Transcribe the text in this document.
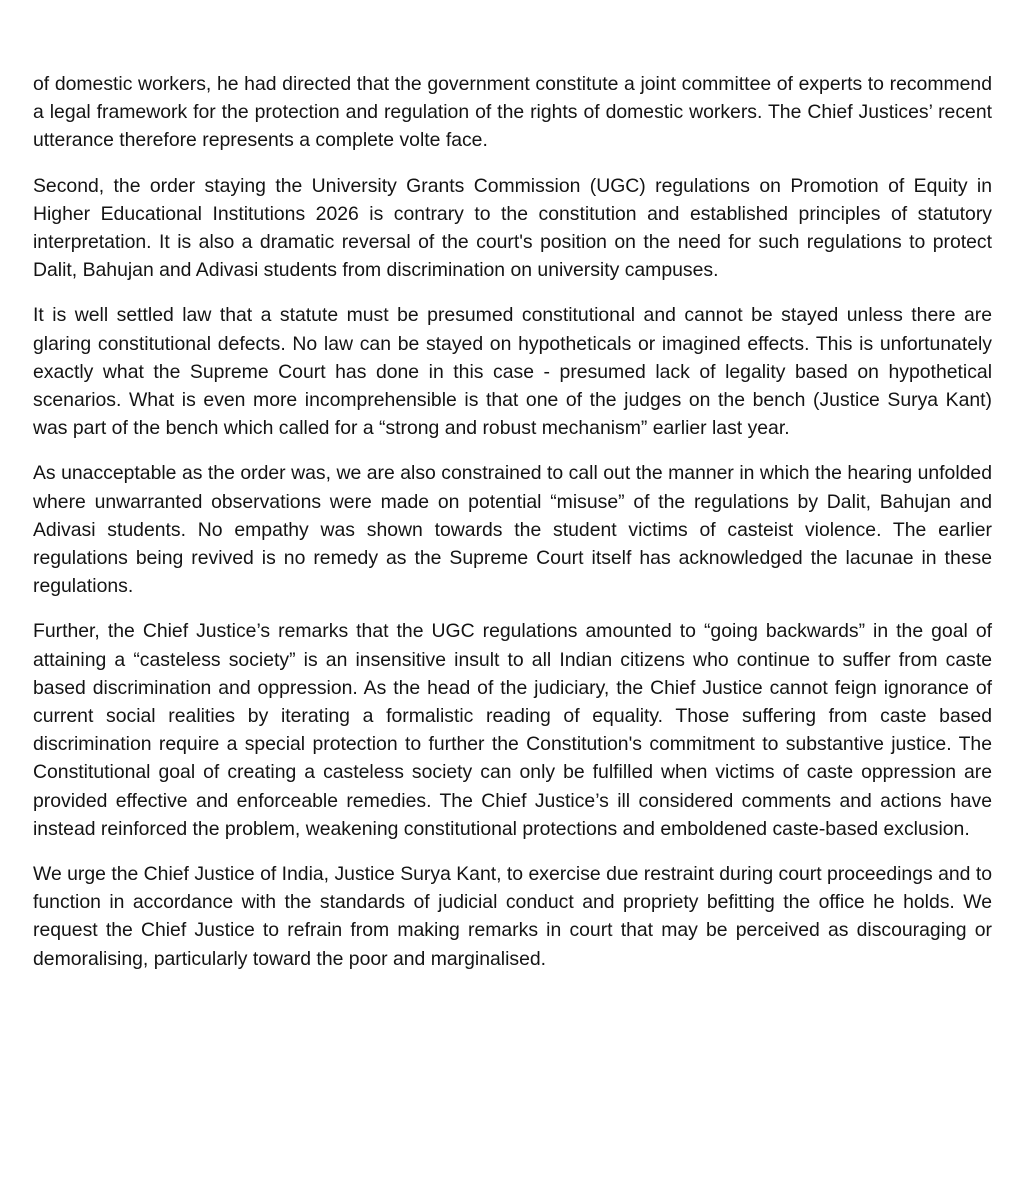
of domestic workers, he had directed that the government constitute a joint committee of experts to recommend a legal framework for the protection and regulation of the rights of domestic workers. The Chief Justices’ recent utterance therefore represents a complete volte face.

Second, the order staying the University Grants Commission (UGC) regulations on Promotion of Equity in Higher Educational Institutions 2026 is contrary to the constitution and established principles of statutory interpretation. It is also a dramatic reversal of the court's position on the need for such regulations to protect Dalit, Bahujan and Adivasi students from discrimination on university campuses.

It is well settled law that a statute must be presumed constitutional and cannot be stayed unless there are glaring constitutional defects. No law can be stayed on hypotheticals or imagined effects. This is unfortunately exactly what the Supreme Court has done in this case - presumed lack of legality based on hypothetical scenarios. What is even more incomprehensible is that one of the judges on the bench (Justice Surya Kant) was part of the bench which called for a “strong and robust mechanism” earlier last year.

As unacceptable as the order was, we are also constrained to call out the manner in which the hearing unfolded where unwarranted observations were made on potential “misuse” of the regulations by Dalit, Bahujan and Adivasi students. No empathy was shown towards the student victims of casteist violence. The earlier regulations being revived is no remedy as the Supreme Court itself has acknowledged the lacunae in these regulations.

Further, the Chief Justice’s remarks that the UGC regulations amounted to “going backwards” in the goal of attaining a “casteless society” is an insensitive insult to all Indian citizens who continue to suffer from caste based discrimination and oppression. As the head of the judiciary, the Chief Justice cannot feign ignorance of current social realities by iterating a formalistic reading of equality. Those suffering from caste based discrimination require a special protection to further the Constitution's commitment to substantive justice. The Constitutional goal of creating a casteless society can only be fulfilled when victims of caste oppression are provided effective and enforceable remedies. The Chief Justice’s ill considered comments and actions have instead reinforced the problem, weakening constitutional protections and emboldened caste-based exclusion.

We urge the Chief Justice of India, Justice Surya Kant, to exercise due restraint during court proceedings and to function in accordance with the standards of judicial conduct and propriety befitting the office he holds. We request the Chief Justice to refrain from making remarks in court that may be perceived as discouraging or demoralising, particularly toward the poor and marginalised.
